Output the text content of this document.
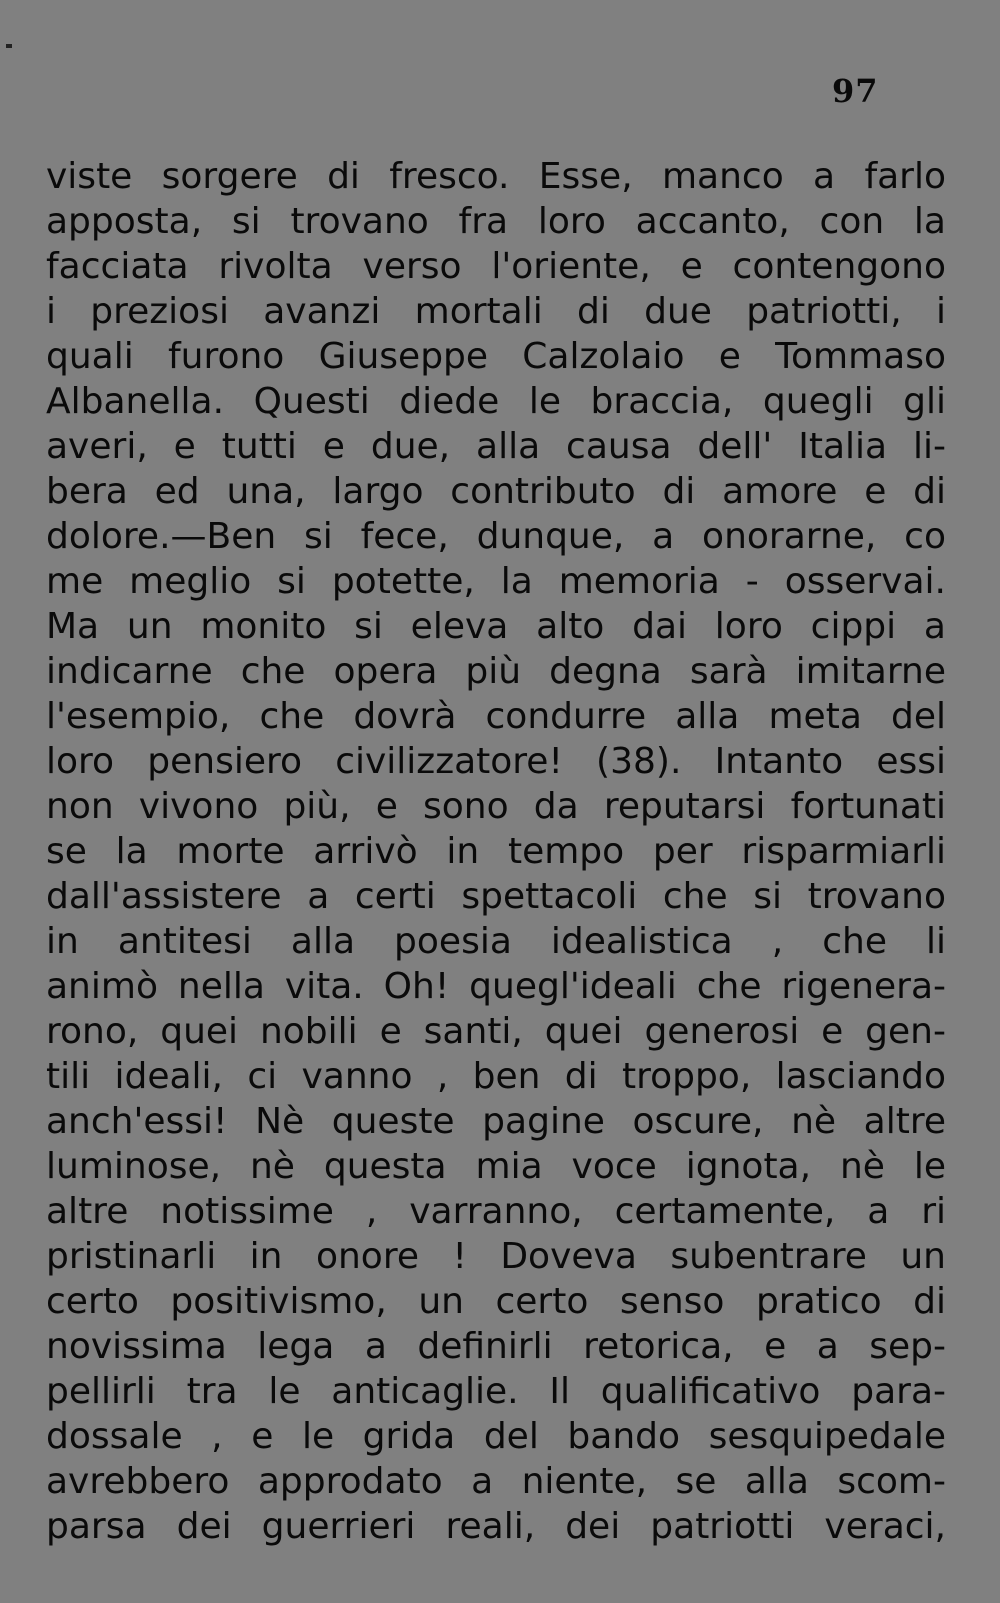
97
viste sorgere di fresco. Esse, manco a farlo
apposta, si trovano fra loro accanto, con la
facciata rivolta verso l'oriente, e contengono
i preziosi avanzi mortali di due patriotti, i
quali furono Giuseppe Calzolaio e Tommaso
Albanella. Questi diede le braccia, quegli gli
averi, e tutti e due, alla causa dell' Italia li-
bera ed una, largo contributo di amore e di
dolore.—Ben si fece, dunque, a onorarne, co
me meglio si potette, la memoria - osservai.
Ma un monito si eleva alto dai loro cippi a
indicarne che opera più degna sarà imitarne
l'esempio, che dovrà condurre alla meta del
loro pensiero civilizzatore! (38). Intanto essi
non vivono più, e sono da reputarsi fortunati
se la morte arrivò in tempo per risparmiarli
dall'assistere a certi spettacoli che si trovano
in antitesi alla poesia idealistica , che li
animò nella vita. Oh! quegl'ideali che rigenera-
rono, quei nobili e santi, quei generosi e gen-
tili ideali, ci vanno , ben di troppo, lasciando
anch'essi! Nè queste pagine oscure, nè altre
luminose, nè questa mia voce ignota, nè le
altre notissime , varranno, certamente, a ri
pristinarli in onore ! Doveva subentrare un
certo positivismo, un certo senso pratico di
novissima lega a definirli retorica, e a sep-
pellirli tra le anticaglie. Il qualificativo para-
dossale , e le grida del bando sesquipedale
avrebbero approdato a niente, se alla scom-
parsa dei guerrieri reali, dei patriotti veraci,
